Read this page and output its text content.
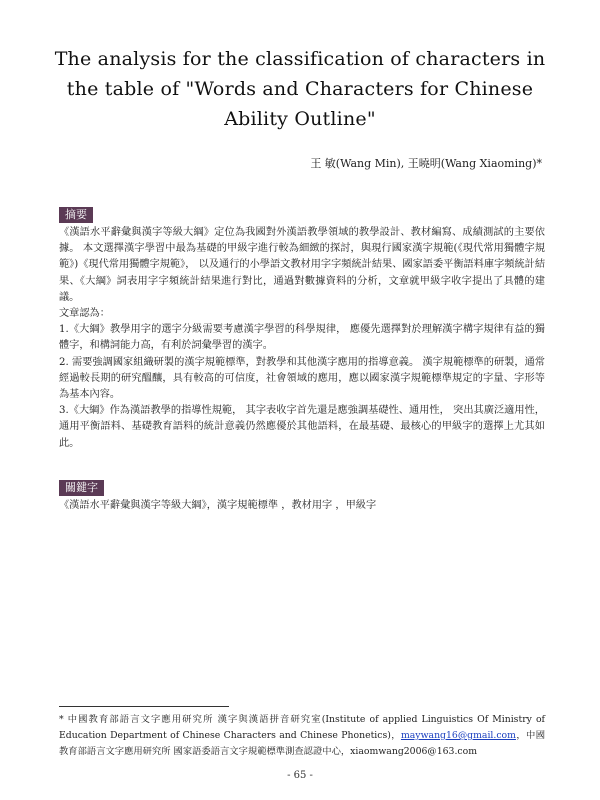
The analysis for the classification of characters in the table of "Words and Characters for Chinese Ability Outline"
王 敏(Wang Min), 王曉明(Wang Xiaoming)*
摘要

《漢語水平辭彙與漢字等級大綱》定位為我國對外漢語教學領域的教學設計、教材編寫、成績測試的主要依據。 本文選擇漢字學習中最為基礎的甲級字進行較為細緻的探討，與現行國家漢字規範(《現代常用獨體字規範》)《現代常用獨體字規範》， 以及通行的小學語文教材用字字頻統計結果、國家語委平衡語料庫字頻統計結果、《大綱》詞表用字字頻統計結果進行對比，通過對數據資料的分析，文章就甲級字收字提出了具體的建議。

文章認為：

1.《大綱》教學用字的選字分級需要考慮漢字學習的科學規律， 應優先選擇對於理解漢字構字規律有益的獨體字，和構詞能力高，有利於詞彙學習的漢字。

2. 需要強調國家組織研製的漢字規範標準，對教學和其他漢字應用的指導意義。 漢字規範標準的研製，通常經過較長期的研究醞釀，具有較高的可信度，社會領域的應用，應以國家漢字規範標準規定的字量、字形等為基本內容。

3.《大綱》作為漢語教學的指導性規範， 其字表收字首先還是應強調基礎性、通用性， 突出其廣泛適用性，通用平衡語料、基礎教育語料的統計意義仍然應優於其他語料，在最基礎、最核心的甲級字的選擇上尤其如此。

關鍵字
《漢語水平辭彙與漢字等級大綱》，漢字規範標準 ，教材用字 ，甲級字
* 中國教育部語言文字應用研究所 漢字與漢語拼音研究室(Institute of applied Linguistics Of Ministry of Education Department of Chinese Characters and Chinese Phonetics)，maywang16@gmail.com，中國教育部語言文字應用研究所 國家語委語言文字規範標準測查認證中心，xiaomwang2006@163.com
- 65 -
